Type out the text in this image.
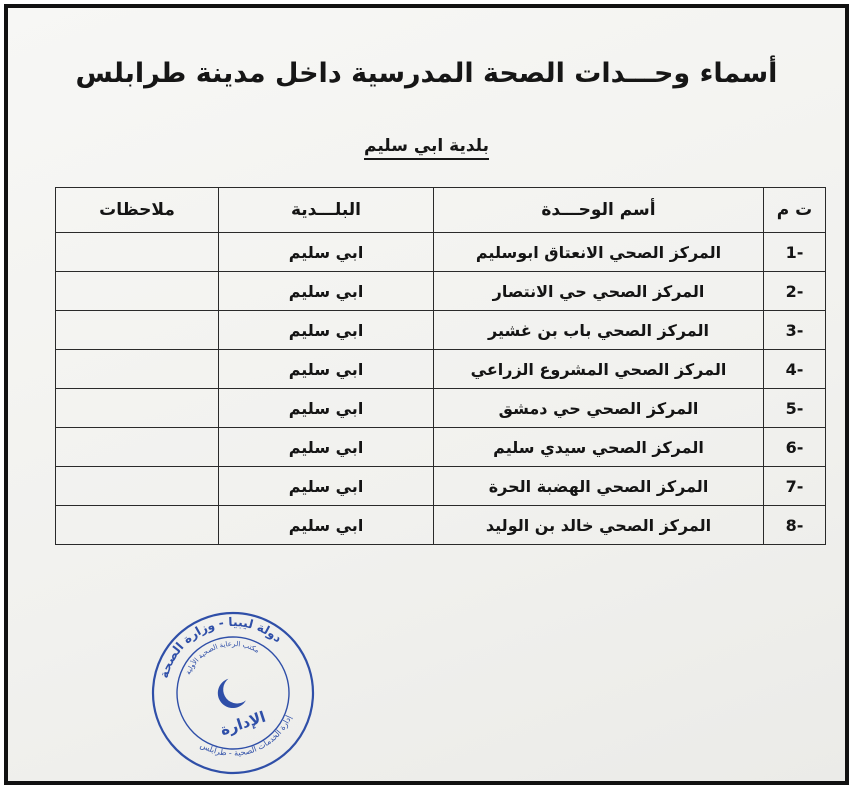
أسماء وحـــدات الصحة المدرسية داخل مدينة طرابلس
بلدية ابي سليم
ت م	أسم الوحـــدة	البلـــدية	ملاحظات
-1	المركز الصحي الانعتاق ابوسليم	ابي سليم	
-2	المركز الصحي حي الانتصار	ابي سليم	
-3	المركز الصحي باب بن غشير	ابي سليم	
-4	المركز الصحي المشروع الزراعي	ابي سليم	
-5	المركز الصحي حي دمشق	ابي سليم	
-6	المركز الصحي سيدي سليم	ابي سليم	
-7	المركز الصحي الهضبة الحرة	ابي سليم	
-8	المركز الصحي خالد بن الوليد	ابي سليم	
دولة ليبيا - وزارة الصحة
مكتب الرعاية الصحية الأولية
الإدارة
إدارة الخدمات الصحية - طرابلس
